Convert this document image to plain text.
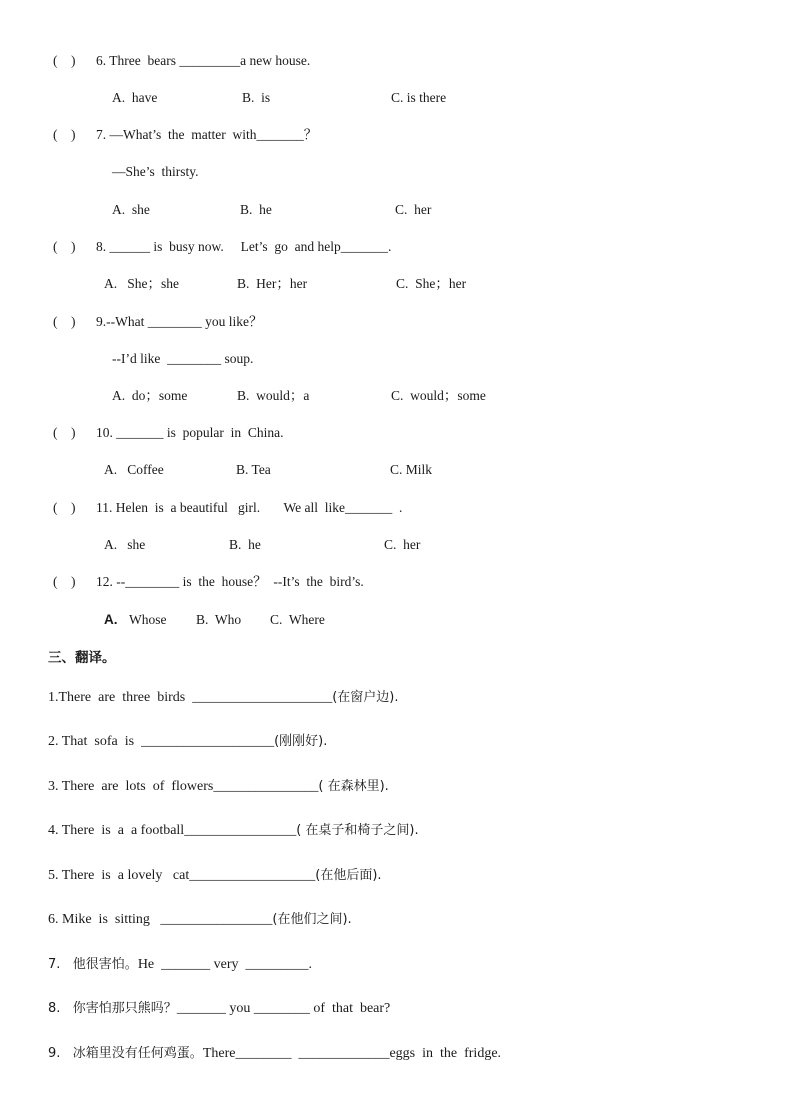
(    ) 6. Three  bears _________a new house.
A.  have	B.  is	C. is there
(    ) 7. —What’s  the  matter  with_______？
—She’s  thirsty.
A.  she	B.  he	C.  her
(    ) 8. ______ is  busy now.     Let’s  go  and help_______.
A.   She；she	B.  Her；her	C.  She；her
(    ) 9.--What ________ you like？
--I’d like  ________ soup.
A.  do；some	B.  would；a	C.  would；some
(    ) 10. _______ is  popular  in  China.
A.   Coffee	B. Tea	C. Milk
(    ) 11. Helen  is  a beautiful   girl.       We all  like_______  .
A.   she	B.  he	C.  her
(    ) 12. --________ is  the  house？  --It’s  the  bird’s.
A. Whose B.  Who C.  Where
三、翻译。
1.There  are  three  birds  ____________________(在窗户边).
2. That  sofa  is  ___________________(刚刚好).
3. There  are  lots  of  flowers_______________( 在森林里).
4. There  is  a  a football________________( 在桌子和椅子之间).
5. There  is  a lovely   cat__________________(在他后面).
6. Mike  is  sitting   ________________(在他们之间).
7.   他很害怕。He  _______ very  _________.
8.   你害怕那只熊吗？_______ you ________ of  that  bear?
9.   冰箱里没有任何鸡蛋。There________  _____________eggs  in  the  fridge.
